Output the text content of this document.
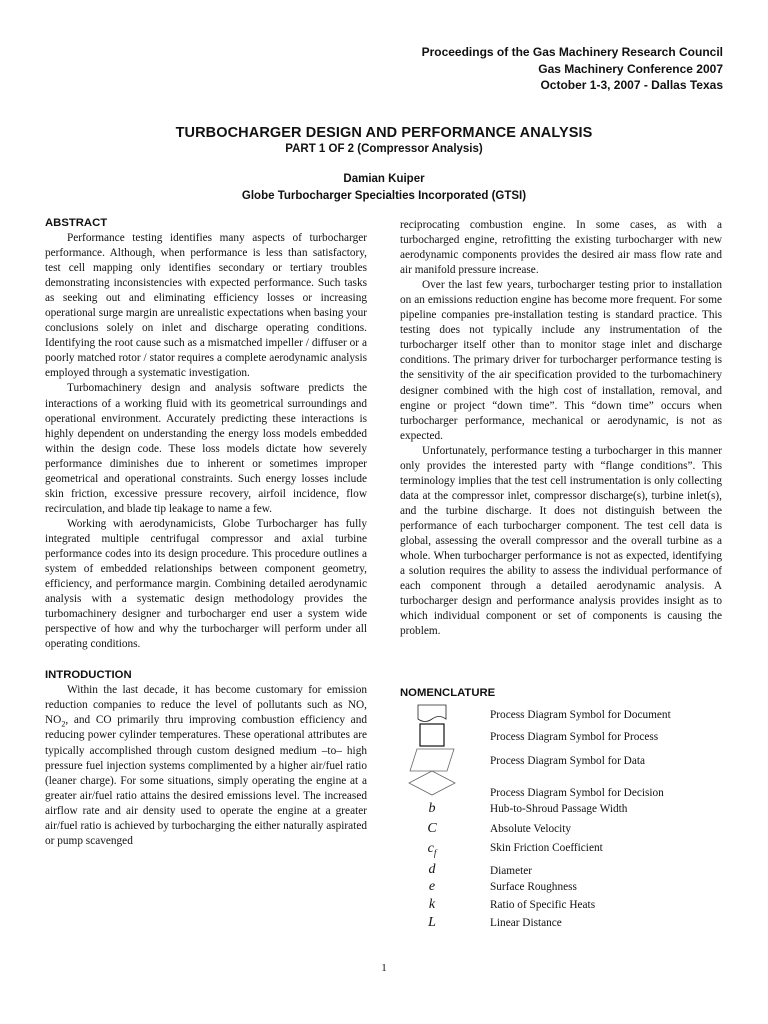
Proceedings of the Gas Machinery Research Council
Gas Machinery Conference 2007
October 1-3, 2007 - Dallas Texas
TURBOCHARGER DESIGN AND PERFORMANCE ANALYSIS
PART 1 OF 2 (Compressor Analysis)
Damian Kuiper
Globe Turbocharger Specialties Incorporated (GTSI)
ABSTRACT

Performance testing identifies many aspects of turbocharger performance. Although, when performance is less than satisfactory, test cell mapping only identifies secondary or tertiary troubles demonstrating inconsistencies with expected performance. Such tasks as seeking out and eliminating efficiency losses or increasing operational surge margin are unrealistic expectations when basing your conclusions solely on inlet and discharge operating conditions. Identifying the root cause such as a mismatched impeller / diffuser or a poorly matched rotor / stator requires a complete aerodynamic analysis employed through a systematic investigation.

Turbomachinery design and analysis software predicts the interactions of a working fluid with its geometrical surroundings and operational environment. Accurately predicting these interactions is highly dependent on understanding the energy loss models embedded within the design code. These loss models dictate how severely performance diminishes due to inherent or sometimes improper geometrical and operational constraints. Such energy losses include skin friction, excessive pressure recovery, airfoil incidence, flow recirculation, and blade tip leakage to name a few.

Working with aerodynamicists, Globe Turbocharger has fully integrated multiple centrifugal compressor and axial turbine performance codes into its design procedure. This procedure outlines a system of embedded relationships between component geometry, efficiency, and performance margin. Combining detailed aerodynamic analysis with a systematic design methodology provides the turbomachinery designer and turbocharger end user a system wide perspective of how and why the turbocharger will perform under all operating conditions.

INTRODUCTION

Within the last decade, it has become customary for emission reduction companies to reduce the level of pollutants such as NO, $NO_2$, and CO primarily thru improving combustion efficiency and reducing power cylinder temperatures. These operational attributes are typically accomplished through custom designed medium –to– high pressure fuel injection systems complimented by a higher air/fuel ratio (leaner charge). For some situations, simply operating the engine at a greater air/fuel ratio attains the desired emissions level. The increased airflow rate and air density used to operate the engine at a greater air/fuel ratio is achieved by turbocharging the either naturally aspirated or pump scavenged

reciprocating combustion engine. In some cases, as with a turbocharged engine, retrofitting the existing turbocharger with new aerodynamic components provides the desired air mass flow rate and air manifold pressure increase.

Over the last few years, turbocharger testing prior to installation on an emissions reduction engine has become more frequent. For some pipeline companies pre-installation testing is standard practice. This testing does not typically include any instrumentation of the turbocharger itself other than to monitor stage inlet and discharge conditions. The primary driver for turbocharger performance testing is the sensitivity of the air specification provided to the turbomachinery designer combined with the high cost of installation, removal, and engine or project “down time”. This “down time” occurs when turbocharger performance, mechanical or aerodynamic, is not as expected.

Unfortunately, performance testing a turbocharger in this manner only provides the interested party with “flange conditions”. This terminology implies that the test cell instrumentation is only collecting data at the compressor inlet, compressor discharge(s), turbine inlet(s), and the turbine discharge. It does not distinguish between the performance of each turbocharger component. The test cell data is global, assessing the overall compressor and the overall turbine as a whole. When turbocharger performance is not as expected, identifying a solution requires the ability to assess the individual performance of each component through a detailed aerodynamic analysis. A turbocharger design and performance analysis provides insight as to which individual component or set of components is causing the problem.

NOMENCLATURE
Process Diagram Symbol for Document
Process Diagram Symbol for Process
Process Diagram Symbol for Data
Process Diagram Symbol for Decision
b	Hub-to-Shroud Passage Width
C	Absolute Velocity
$c_f$	Skin Friction Coefficient
d	Diameter
e	Surface Roughness
k	Ratio of Specific Heats
L	Linear Distance
1
